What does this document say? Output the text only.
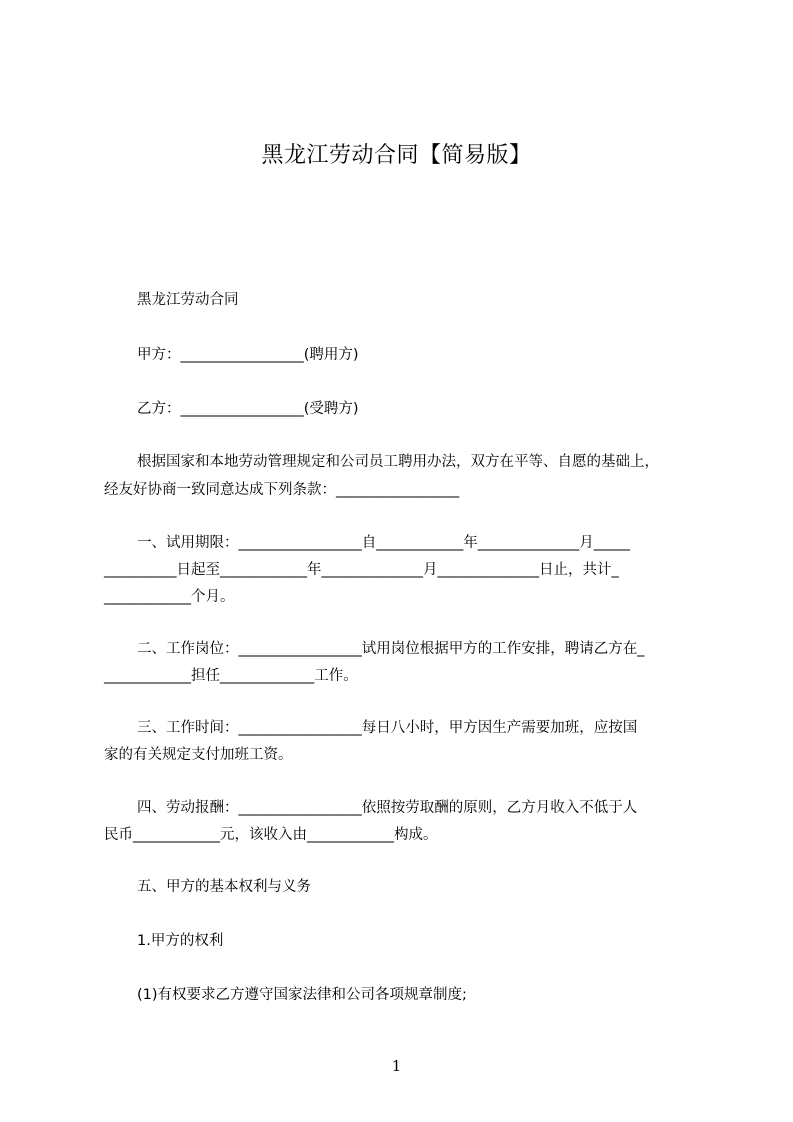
黑龙江劳动合同【简易版】
黑龙江劳动合同
甲方：_________________(聘用方)
乙方：_________________(受聘方)
根据国家和本地劳动管理规定和公司员工聘用办法，双方在平等、自愿的基础上，
经友好协商一致同意达成下列条款：_________________
一、试用期限：_________________自____________年______________月_____
__________日起至____________年______________月______________日止，共计_
____________个月。
二、工作岗位：_________________试用岗位根据甲方的工作安排，聘请乙方在_
____________担任_____________工作。
三、工作时间：_________________每日八小时，甲方因生产需要加班，应按国
家的有关规定支付加班工资。
四、劳动报酬：_________________依照按劳取酬的原则，乙方月收入不低于人
民币____________元，该收入由____________构成。
五、甲方的基本权利与义务
1.甲方的权利
(1)有权要求乙方遵守国家法律和公司各项规章制度;
1
